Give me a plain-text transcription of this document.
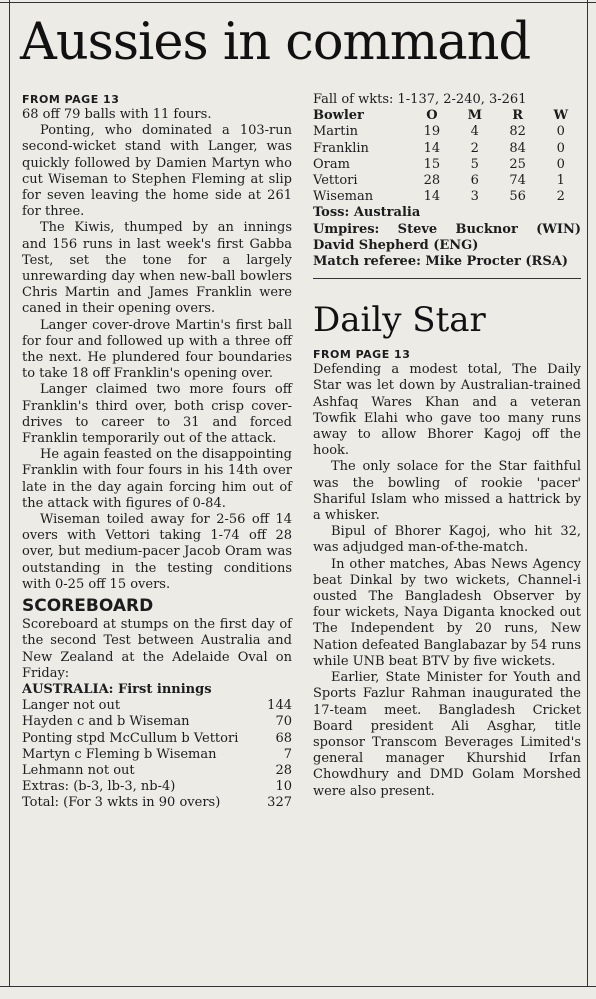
Aussies in command
FROM PAGE 13

68 off 79 balls with 11 fours.

Ponting, who dominated a 103-run second-wicket stand with Langer, was quickly followed by Damien Martyn who cut Wiseman to Stephen Fleming at slip for seven leaving the home side at 261 for three.

The Kiwis, thumped by an innings and 156 runs in last week's first Gabba Test, set the tone for a largely unrewarding day when new-ball bowlers Chris Martin and James Franklin were caned in their opening overs.

Langer cover-drove Martin's first ball for four and followed up with a three off the next. He plundered four boundaries to take 18 off Franklin's opening over.

Langer claimed two more fours off Franklin's third over, both crisp cover-drives to career to 31 and forced Franklin temporarily out of the attack.

He again feasted on the disappointing Franklin with four fours in his 14th over late in the day again forcing him out of the attack with figures of 0-84.

Wiseman toiled away for 2-56 off 14 overs with Vettori taking 1-74 off 28 over, but medium-pacer Jacob Oram was outstanding in the testing conditions with 0-25 off 15 overs.

SCOREBOARD

Scoreboard at stumps on the first day of the second Test between Australia and New Zealand at the Adelaide Oval on Friday:

AUSTRALIA: First innings

Langer not out	144
Hayden c and b Wiseman	70
Ponting stpd McCullum b Vettori	68
Martyn c Fleming b Wiseman	7
Lehmann not out	28
Extras: (b-3, lb-3, nb-4)	10
Total: (For 3 wkts in 90 overs)	327

Fall of wkts: 1-137, 2-240, 3-261

Bowler	O	M	R	W
Martin	19	4	82	0
Franklin	14	2	84	0
Oram	15	5	25	0
Vettori	28	6	74	1
Wiseman	14	3	56	2

Toss: Australia

Umpires: Steve Bucknor (WIN) David Shepherd (ENG)

Match referee: Mike Procter (RSA)

Daily Star
FROM PAGE 13

Defending a modest total, The Daily Star was let down by Australian-trained Ashfaq Wares Khan and a veteran Towfik Elahi who gave too many runs away to allow Bhorer Kagoj off the hook.

The only solace for the Star faithful was the bowling of rookie 'pacer' Shariful Islam who missed a hattrick by a whisker.

Bipul of Bhorer Kagoj, who hit 32, was adjudged man-of-the-match.

In other matches, Abas News Agency beat Dinkal by two wickets, Channel-i ousted The Bangladesh Observer by four wickets, Naya Diganta knocked out The Independent by 20 runs, New Nation defeated Banglabazar by 54 runs while UNB beat BTV by five wickets.

Earlier, State Minister for Youth and Sports Fazlur Rahman inaugurated the 17-team meet. Bangladesh Cricket Board president Ali Asghar, title sponsor Transcom Beverages Limited's general manager Khurshid Irfan Chowdhury and DMD Golam Morshed were also present.
